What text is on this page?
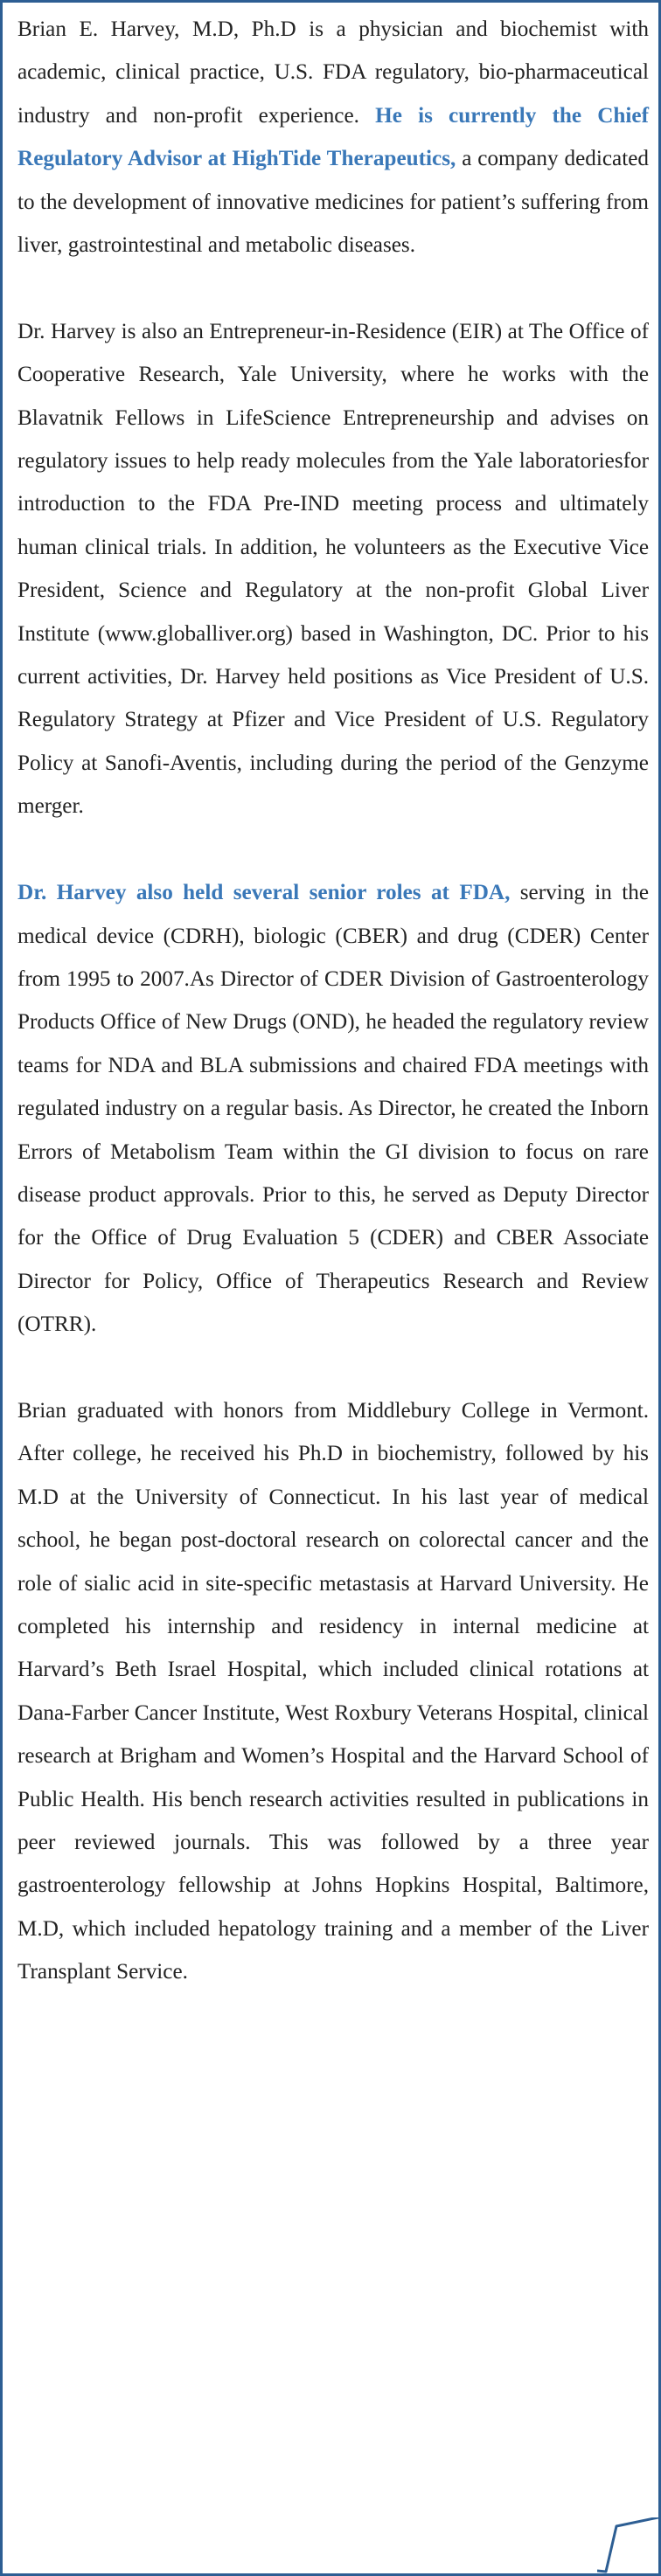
Brian E. Harvey, M.D, Ph.D is a physician and biochemist with academic, clinical practice, U.S. FDA regulatory, bio-pharmaceutical industry and non-profit experience. He is currently the Chief Regulatory Advisor at HighTide Therapeutics, a company dedicated to the development of innovative medicines for patient’s suffering from liver, gastrointestinal and metabolic diseases.

Dr. Harvey is also an Entrepreneur-in-Residence (EIR) at The Office of Cooperative Research, Yale University, where he works with the Blavatnik Fellows in LifeScience Entrepreneurship and advises on regulatory issues to help ready molecules from the Yale laboratoriesfor introduction to the FDA Pre-IND meeting process and ultimately human clinical trials. In addition, he volunteers as the Executive Vice President, Science and Regulatory at the non-profit Global Liver Institute (www.globalliver.org) based in Washington, DC. Prior to his current activities, Dr. Harvey held positions as Vice President of U.S. Regulatory Strategy at Pfizer and Vice President of U.S. Regulatory Policy at Sanofi-Aventis, including during the period of the Genzyme merger.

Dr. Harvey also held several senior roles at FDA, serving in the medical device (CDRH), biologic (CBER) and drug (CDER) Center from 1995 to 2007.As Director of CDER Division of Gastroenterology Products Office of New Drugs (OND), he headed the regulatory review teams for NDA and BLA submissions and chaired FDA meetings with regulated industry on a regular basis. As Director, he created the Inborn Errors of Metabolism Team within the GI division to focus on rare disease product approvals. Prior to this, he served as Deputy Director for the Office of Drug Evaluation 5 (CDER) and CBER Associate Director for Policy, Office of Therapeutics Research and Review (OTRR).

Brian graduated with honors from Middlebury College in Vermont. After college, he received his Ph.D in biochemistry, followed by his M.D at the University of Connecticut. In his last year of medical school, he began post-doctoral research on colorectal cancer and the role of sialic acid in site-specific metastasis at Harvard University. He completed his internship and residency in internal medicine at Harvard’s Beth Israel Hospital, which included clinical rotations at Dana-Farber Cancer Institute, West Roxbury Veterans Hospital, clinical research at Brigham and Women’s Hospital and the Harvard School of Public Health. His bench research activities resulted in publications in peer reviewed journals. This was followed by a three year gastroenterology fellowship at Johns Hopkins Hospital, Baltimore, M.D, which included hepatology training and a member of the Liver Transplant Service.
